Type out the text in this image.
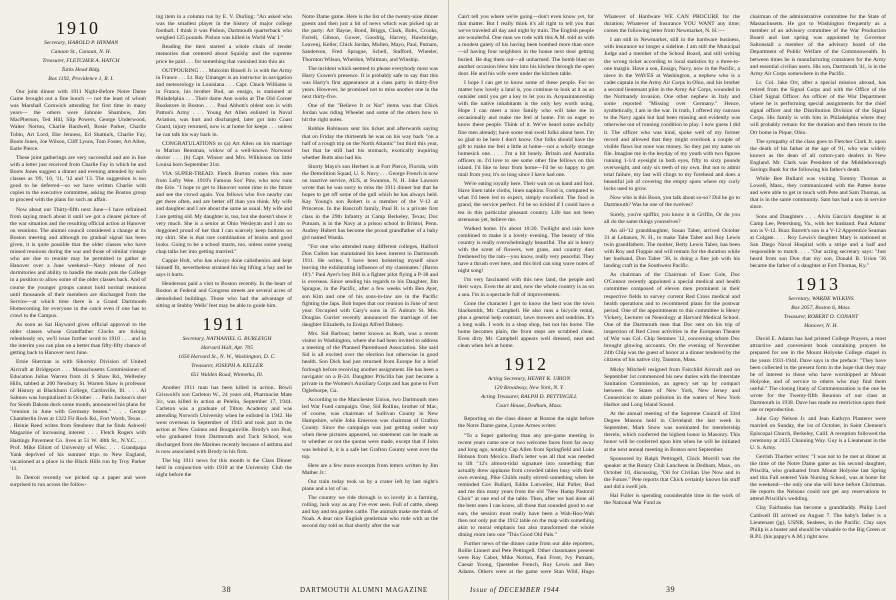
1910

Secretary, HAROLD P. HINMAN

Canaan St., Canaan, N. H.

Treasurer, FLETCHER A. HATCH

Turks Head Bldg.

Box 1192, Providence 1, R. I.

Our joint dinner with 1911 Night-Before Notre Dame Game brought out a fine bunch — not the least of whom was Marshall Cornwick attending for first time in many years— the others were Johnnie Shambow, Jim MacPherson, Ted Hill, Slip Powers, George Underwood, Walter Norton, Charlie Bardwell, Rosie Parker, Charlie Tobin, Art Lord, Ebe Jenness, Ed Shattuck, Charlie Fay, Boots Jones, Joe Wilson, Cliff Lyons, Tom Foster, Art Allen, Earle Pierce.

These joint gatherings are very successful and are in line with a letter just received from Charlie Fay in which he and Boots Jones suggest a dinner and evening attended by such classes as '09, '10, '11, '12 and '13. The suggestion is too good to be deferred—so we have written Charlie with copies to the executive committee, asking the Boston group to proceed with the plans for such an affair.

Now about our Thirty-fifth next June—I have refrained from saying much about it until we got a clearer picture of the war situation and the resulting official action at Hanover on reunions. The alumni council considered a change at its Boston meeting and although no gradual signal has been given, it is quite possible that the older classes who have missed reunions during the war and those of similar vintage who are due to reunite may be permitted to gather at Hanover over a June weekend—Navy release of two dormitories and ability to handle the meals puts the College in a position to allow some of the older classes back. And of course the younger groups cannot hold normal reunions until thousands of their members are discharged from the Service—at which time there is a Grand Dartmouth Homecoming for everyone in the catch even if one has to crawl to the Campus.

As soon as Sat Hayward gives official approval to the older classes whose Grandfather Clocks are ticking relentlessly on, we'll issue further word to 1910 . . . and in the interim you can plan on a better than fifty-fifty chance of getting back to Hanover next June.

Ernie Sherman is with Sikorsky Division of United Aircraft at Bridgeport . . . Massachusetts Commissioner of Education Julius Warren from 41 S Shaw Rd., Wellesley Hills, tabbed at 200 Newbury St. Warren Shaw is professor of History at Blackburn College, Carlinville, Ill. . . . Al Salmon was hospitalized in October . . . Paris Jackson's shot for South Dakota duck some month, announced his plans for "reunion in June with Germany beaten." . . . George Chamberlin lives at 1322 Fir Rock Rd., Fort Worth, Texas . . . Heinie Reed writes from Steubenv that he finds Ashwell Magazine of increasing interest . . . Fletch Rogers with Hastings Pavement Co. lives at 51 W. 48th St., N.Y.C. . . . Prof. Mike Elliott of University of Wisc. . . . Grandpapa Yank deprived of his summer trips to New England, vacationed at a place in the Black Hills run by Troy Parker '11.

In Detroit recently we picked up a paper and were surprised to run across the follow-

ing item in a column run by E. V. Durling: "An asked who was the smallest player in the history of major college football. I think it was Pishon, Dartmouth quarterback who weighed 125 pounds. Pishon was killed in World War I."

Reading the item started a whole chain of tender memories that centered about Squishy and the supreme price he paid . . . for something that vanished into thin air.

OUTPOURING . . . Malcolm Bissell Jr. is with the Army in France . . . Lt. Ray Umanger is an instructor in navigation and meteorology in Louisiana . . . Capt. Chuck Williams is in France, his brother Bud, an ensign, is stationed at Philadelphia . . . Their dame Ann works at The Old Corner Bookstore in Boston . . . Paul Abbott's oldest son is with Patton's Army . . . Young Art Allen enlisted in Naval Aviation, was hurt and discharged, later got into Coast Guard, injury returned, now is at home for keeps . . . unless he can talk his way back in.

CONGRATULATIONS to (a) Art Allen on his marriage to Marion Bensman, widow of a well-known Norwood doctor . . . (b) Capt. Winsor and Mrs. Wilkinson on little Louisa born September 21st.

VIA SUPER-TREAD. Fletch Burton comes this note from Lefty Wee. 1910's Famous Sox' Paw, who now runs the Erie. "I hope to get to Hanover some time in the future and see the crowd again. You fellows who live nearby can get there often, and are better off than you think. My wife and daughter and I are about the same as usual. My wife and I are getting old. My daughter is, too, but she doesn't show it very much. She is a senior at Ohio Wesleyan and I am so doggoned proud of her that I can scarcely keep buttons on my shirt. She is that rare combination of brains and good looks. Going to be a school marm, too, unless some young chap talks her into getting married."

Cappie Holt, who has always done calisthenics and kept himself fit, nevertheless strained his leg lifting a hay and he says it hurts.

Henderson paid a visit to Boston recently. In the heart of Boston at Federal and Congress streets are several acres of demolished buildings. Those who had the advantage of sitting at Stubby Wells' feet may be able to guide him.

1911

Secretary, NATHANIEL G. BURLEIGH

Harvard Hall, Apt. 705

1650 Harvard St., N. W., Washington, D. C.

Treasurer, JOSEPH A. KELLER

651 Walden Road, Winnetka, Ill.

Another 1911 man has been killed in action. Bowii Griswold's son Carleton W., 24 years old, Pharmacist Mate 3/c, was killed in action at Peleliu, September 17, 1944. Carleton was a graduate of Tilton Academy and was attending Norwich University when he enlisted in 1942. He went overseas in September of 1943 and took part in the action at New Guinea and Bougainville. Brody's son Bud, who graduated from Dartmouth and Tuck School, was discharged from the Marines recently because of asthma and is now associated with Brody in his firm.

The big 1911 news for this month is the Class Dinner held in conjunction with 1910 at the University Club the night before the

Notre Dame game. Here is the list of the twenty-nine dinner guests and then just a bit of news which was picked up at the party: Art Bayne, Bond, Briggs, Clark, Bubs, Crooks, Farrell, Gibson, Gower, Goodrig, Harvey, Hawbridge, Leavenj, Keller, Chick Jordan, Mullen, Mayo, Paul, Putnam, Sanderson, Fred Sprague, Schell, Stafford, Wheeler, Thornton Wilson, Wheldon, Whitman, and Winship.

The incident which seemed to please everybody most was Harry Gowen's presence. It is probably safe to say that this was Harry's first appearance at a class party in thirty-five years. However, he promised not to miss another one in the next thirty-five.

One of the "Believe It or Not" items was that Chick Jordan was riding Wheeler and some of the others how to hit the right notes.

Robbie Robinson sent his ticket and afterwards saying that on Friday the thirteenth he was on his way back "on a half of a rough trip on the North Atlantic" but third this year, but that he still had his stomach, exotically inquiring whether Butts also had his.

Shorty Mayo's son Herbert is at Fort Pierce, Florida, with the Demolition Squad, U. S. Navy . . . George French is now on inactive service, AUS, at Swanton, N. H. Jake Lawson wrote that he was sorry to miss the 1911 dinner but that he hopes to get off some of the gull which he has always held. Kay Young's son Robert is a member of the V-12 at Princeton. In the Bancroft family, Paul R. is a private first class in the 29th Infantry at Camp Berkeley, Texas; Doc Putnam, is in the Navy at a prison school in Bristol, Penn. Audrey Hubert has become the proud grandfather of a baby girl named Wanda.

"For one who attended many different colleges, Halford Don Cullen has maintained his keen interest in Dartmouth 1911. He writes, 'I have been bolstering myself since leaving the exhilarating influence of my classmates.' (Baron 18')." Paul Ayer's boy Bill is a fighter pilot flying a P-38 and is overseas. Since sending his regards to his Daughter, Jim Sprague, in the Pacific, after a few weeks with Ben Ayer, son Kim and one of his sons-in-law are in the Pacific fighting the Japs. Bob hopes that our reunion in June of next year. Occupied with Gary's sons in 35 Auburn St. Mrs. Douglas Currier recently announced the marriage of her daughter Elizabeth, to Ensign Alfred Dabney.

Mrs. Sid Barbour, better known as Ruth, was a recent visitor in Washington, where she had been invited to address a meeting of the Planned Parenthood Association. She said Sid is all excited over the election but otherwise in good health. Son Dick had just returned from Europe for a brief furlough before receiving another assignment. He has been a navigator on a B-24. Daughter Priscilla has just become a private in the Women's Auxiliary Corps and has gone to Fort Oglethorpe, Ga.

According to the Manchester Union, two Dartmouth men led War Fund campaign. One, Sid Rollins, brother of Mac, of course, was chairman of Sullivan County in New Hampshire, while John Emerson was chairman of Grafton County. Since the campaign was just getting under way when these pictures appeared, no statement can be made as to whether or not the quotas were made, except that if John was behind it, it is a safe bet Grafton County went over the top.

Here are a few more excerpts from letters written by Jim Mather Jr.:

Our train today took us by a crater left by last night's plane and a lot of us.

The country we ride through is so lovely in a farming, rolling, lush way as any I've ever seen. Full of cattle, sheep and hay and tea garden cattle. The animals make me think of Noah. A dear nice English gentleman who rode with us the second day told us that shortly after the war

38

Can't tell you where we're going—don't even know yet, for that matter. But I really think it's all right to tell you that we've traveled all day and night by train. The English people are wonderful. One man we rode with this A.M. told us with a modest gaiety of his having been bombed more than once—of having four neighbors in the house next door getting buried. He dug them out—all unharmed. The bomb blast on another occasion blew him into his kitchen through the open door. He and his wife were under the kitchen table.

I hope I can get to know some of these people. For no matter how lovely a land is, you continue to look at it as an outsider until you get a key to let you in. Acquaintanceship with the native inhabitants is the only key worth using. Hope I can meet a nice family who will take me in occasionally and make me feel at home. I'm so eager to know these people. Think of it. We've heard some awfully fine men already; have some real swell folks about here. I'm so glad to be here I don't know. Our folks should have the gift to make me feel a little at home—not a wholly strange homesick one. . . . I'm a bit lonely. Britain and Australia officers in. I'd love to see some other fine fellows on this island. I'd like to hear from home—I'd be so happy to get mail from you; it's so long since I have had one.

We're eating royally here. Their wait on us hand and foot. Have linen table cloths, linen napkins. Food is, compared to what I'd been led to expect, simply excellent. The food is grand, the service perfect. I'd be so tickled if I could have a tea in this particular pleasant country. Life has not been strenuous yet, believe me.

Walked home. It's about 10:30. Twilight and rain have combined to make it a lovely evening. The beauty of this country is really overwhelmingly beautiful. The air is heavy with the scent of flowers, wet grass, and country dust freshened by the rain—you know, really very peaceful. They have a thrush over here, and this bird can sing wave notes of night song!

I'm very fascinated with this new land, the people and their ways. Even the air and, now the whole country is as on a sea. I'm in a spectacle full of improvements.

Gone the character I get to know the best was the town blacksmith, Mr. Campbell. He also runs a bicycle rental, plus a general help contract, lawn mowers and sundries. It's a long walk. I work in a shop shop, but not his home. The home becomes plain, the front steps are scrubbed clean. Even dirty Mr. Campbell appears well dressed, neat and clean when he's at home.

1912

Acting Secretary, HENRY K. URION

120 Broadway, New York, N. Y.

Acting Treasurer, RALPH D. PETTINGILL

Court House, Dedham, Mass.

Reporting on the class dinner at Boston the night before the Notre Dame game, Lynne Armes writes:

"To a Super gathering than any pre-game meeting in recent years came one or two welcome faces from far away and long ago, notably Cap Allen from Springfield and Luke Hobson from Mexico. Bud's letter was all that was needed to lift "12's almost-tidal signature into something that actually drew applause from crowded tables busy with their own evening. Pike Childs really stirred something when he reminded Gov Bullard, Eddie Lutweiler, Hal Puller, Bud and me this many years from the old "New Hamp Pastoral Choir" at one end of the table. Then, after we had done all the bent ones I can know, all those that sounded good to our ears, the session must really have been a Wah-Hoo-Wah then not only put the 1912 table on the map with something akin to moral emphasis but also transformed the whole dining room into one "This Good Old Pals."

Further news of the dinner came from our able reporters, Rollie Linnert and Pete Pettingell. Other classmates present were Ray Cabot, Mike Norton, Paul Frost, Ivy Putnam, Caesar Young, Questelee French, Roy Lewis and Ben Adams. Others were at the game were Stan Wild, Hugo

Whatever of Hardware WE CAN PROCURE for the duration; Whatever of Insurance YOU WANT any time; comes the following letter from Newmarket, N. H.:—

I am still in Newmarket, still in the hardware business, with insurance no longer a sideline. I am still the Municipal Judge and a member of the School Board, and still writing the wrong ticket according to local statistics by a three-to-one margin. Have a son, Ensign, Navy, now in the Pacific, a niece in the WAVES at Washington, a nephew who is a cadet captain in the Army Air Corps in Ohio, and his brother a second lieutenant pilot in the Army Air Corps, wounded in the Normandy invasion. One other nephew in Italy and some reported "Missing over Germany." Hence, synthetically, I am in the war. In truth, I offered my canvass to the Navy again but had been missing and evidently was otherwise out of running condition to play. I now guess I did it. The officer who was kind, spoke well of my former record and allowed that they might overlook a couple of visible flaws but none was money. So they put my name on file. Imagine me in the heyday of my youth with two figures running 1-1/4 eyesight in both eyes, fifty to sixty pounds overweight, and only six teeth of my own. But not to admit total failure, my last will clings to my forehead and does a beautiful job of covering the empty spots where my curly locks used to grow.

Now who is this Boon, you talk about so-so? Did he go to Dartmouth? Was he one of the twelves?

Surely, you're spiffin; you know it is Griffin, Or do you all do the same things yourselves?

An all-'12 granddaughter, Susan Taber, arrived October 31 at Lebanon, N. H., to make Tabe Taber and Roy Lewis twin grandfathers. The mother, Betty Lewis Taber, has been with Roy and Floppie and will remain for the duration while her husband, Don Taber '38, is doing a fine job with his landing craft in the Southwest Pacific.

As chairman of the Chairman of Exec Cole, Doc O'Connor recently appointed a special medical and health committee composed of eleven men prominent in their respective fields to survey current Red Cross medical and health operations and to recommend plans for the postwar period. One of the appointments to this committee is Henry Vickery, Lecturer on Neurology at Harvard Medical School. One of the Dartmouth men that Doc sent on his trip of inspection of Red Cross activities in the European Theatre of War was Col. Chip Semmes '12, concerning whom Doc brought glowing accounts. On the evening of November 24th Chip was the guest of honor at a dinner tendered by the citizens of his native city, Taunton, Mass.

Micky Mitchell resigned from Fairchild Aircraft and on September 1st commenced his new duties with the Interstate Sanitation Commission, an agency set up by compact between the States of New York, New Jersey and Connecticut to abate pollution in the waters of New York Harbor and Long Island Sound.

At the annual meeting of the Supreme Council of 33rd Degree Masons held in Cleveland the last week in September, Mark Snow was nominated for membership therein, which conferred the highest honor in Masonry. This honor will be conferred upon him when he will be initiated at the next annual meeting in Boston next September.

Sponsored by Ralph Pettingell, Chick Morrill was the speaker at the Rotary Club Luncheon in Dedham, Mass., on October 10, discussing, "Oil for Civilian Use Now and in the Future." Pete reports that Chick certainly knows his stuff and did a swell job.

Hal Fuller is spending considerable time in the work of the National War Fund as

chairman of the administrative committee for the State of Massachusetts. He got to Washington frequently as a member of an advisory committee of the War Production Board and last spring was appointed by Governor Saltonstall a member of the advisory board of the Department of Public Welfare of the Commonwealth. In between times he is manufacturing containers for the Army and essential civilian users. His son, Dartmouth '41, is in the Army Air Corps somewhere in the Pacific.

Lt. Col. Jake Orr, after a special mission abroad, has retired from the Signal Corps and with the Office of the Chief Signal Officer. An officer of the War Department where he is performing special assignments for the chief signal officer and the Distribution Division of the Signal Corps. His family is with him in Philadelphia where they will probably remain for the duration and then return to the Orr home in Pique, Ohio.

The sympathy of the class goes to Fletcher Clark Jr. upon the death of his father at the age of 91, who was widely known as the dean of all cotton-yarn dealers in New England. Mr. Clark was President of the Middleborough Savings Bank for the following his father's death.

While Bee Bullard was visiting Tommy Thomas at Lowell, Mass., they communicated with the Pattee home and were able to get in touch with Pete and Sam Thomas, as that is in the same community. Sam has had a son in service since.

Sons and Daughters . . . Alvin Garcia's daughter is at Camp Lee, Petersburg, Va., with her husband. Paul Adams' son is V-12. Buzz Barrett's son is a V-12 Apprentice Seaman at Colgate. . . . Roy Lewis's daughter Mary is stationed at San Diego Naval Hospital with a stripe and a half and responsible to match. . . . "Our acting secretary says: "Just heard from son Don that my son, Donald B. Urion '36 became the father of a daughter at Fort Thomas, Ky."

1913

Secretary, WARDE WILKINS

Box 2057, Boston 6, Mass.

Treasurer, ROBERT O. CONANT

Hanover, N. H.

David E. Adams has had printed College Prayers, a most attractive and convenient book containing prayers he prepared for use in the Mount Holyoke College chapel in the years 1931-1944. Dave says in the preface: "They have been collected in the present form in the hope that they may be of interest to those who have worshipped at Mount Holyoke, and of service to others who may find them useful." The closing litany of Commemoration is the one he wrote for the Twenty-fifth Reunion of our class at Dartmouth in 1938. Dave has made no restriction upon their use or reproduction.

John Guy Nelson Jr. and Jean Kathryn Plasterer were married on Sunday, the 1st of October, in Saint Clement's Episcopal Church, Berkeley, Calif. A reception followed the ceremony at 2435 Channing Way. Guy is a Lieutenant in the U. S. Army.

Gerrish Thurber writes: "I was not to be met at dinner at the time of the Notre Dame game as his second daughter, Priscilla, who graduated from Mount Holyoke last Spring and this Fall entered Yale Nursing School, was at home for the weekend—the only one she will have before Christmas. He reports the Nelsons could not get any reservations to attend Priscilla's wedding.

Clay Fairbanks has become a granddaddy. Philip Lord Caldwell III arrived on August 7. The baby's father is a Lieutenant (jg), USNR, Seabees, in the Pacific. Clay says Philip is a buster and should be valuable to the Big Green or R.P.I. (his pappy's A.M.) right now.

39
DARTMOUTH ALUMNI MAGAZINE	Issue of DECEMBER 1944
